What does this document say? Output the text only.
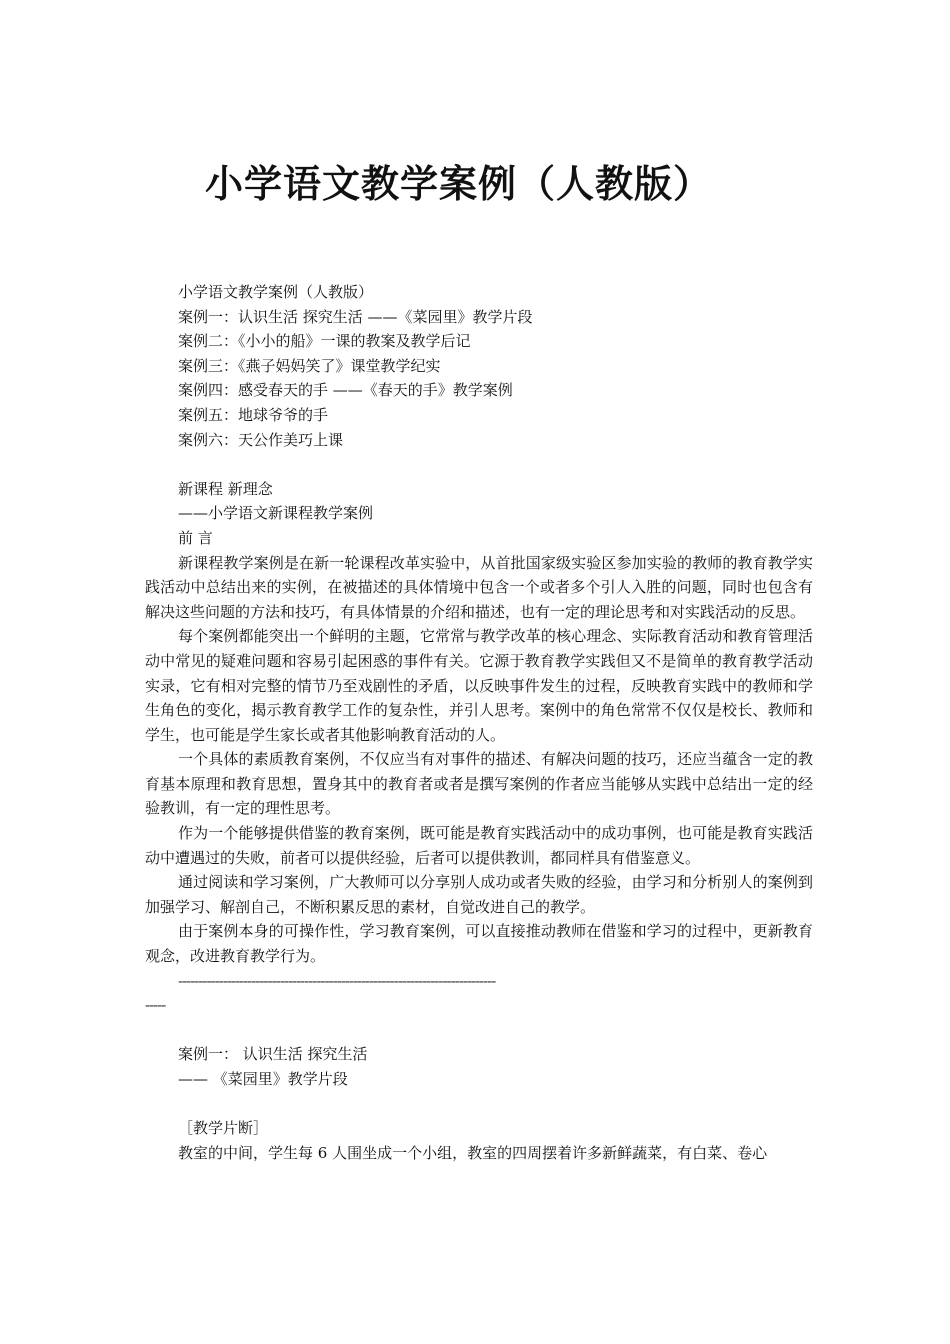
小学语文教学案例（人教版）
小学语文教学案例（人教版）
案例一：认识生活 探究生活 ——《菜园里》教学片段
案例二：《小小的船》一课的教案及教学后记
案例三：《燕子妈妈笑了》课堂教学纪实
案例四：感受春天的手 ——《春天的手》教学案例
案例五：地球爷爷的手
案例六：天公作美巧上课
新课程 新理念
——小学语文新课程教学案例
前 言
新课程教学案例是在新一轮课程改革实验中，从首批国家级实验区参加实验的教师的教育教学实践活动中总结出来的实例，在被描述的具体情境中包含一个或者多个引人入胜的问题，同时也包含有解决这些问题的方法和技巧，有具体情景的介绍和描述，也有一定的理论思考和对实践活动的反思。
每个案例都能突出一个鲜明的主题，它常常与教学改革的核心理念、实际教育活动和教育管理活动中常见的疑难问题和容易引起困惑的事件有关。它源于教育教学实践但又不是简单的教育教学活动实录，它有相对完整的情节乃至戏剧性的矛盾，以反映事件发生的过程，反映教育实践中的教师和学生角色的变化，揭示教育教学工作的复杂性，并引人思考。案例中的角色常常不仅仅是校长、教师和学生，也可能是学生家长或者其他影响教育活动的人。
一个具体的素质教育案例，不仅应当有对事件的描述、有解决问题的技巧，还应当蕴含一定的教育基本原理和教育思想，置身其中的教育者或者是撰写案例的作者应当能够从实践中总结出一定的经验教训，有一定的理性思考。
作为一个能够提供借鉴的教育案例，既可能是教育实践活动中的成功事例，也可能是教育实践活动中遭遇过的失败，前者可以提供经验，后者可以提供教训，都同样具有借鉴意义。
通过阅读和学习案例，广大教师可以分享别人成功或者失败的经验，由学习和分析别人的案例到加强学习、解剖自己，不断积累反思的素材，自觉改进自己的教学。
由于案例本身的可操作性，学习教育案例，可以直接推动教师在借鉴和学习的过程中，更新教育观念，改进教育教学行为。
------------------------------------------------------------------------------
-----
案例一： 认识生活 探究生活
—— 《菜园里》教学片段
［教学片断］
教室的中间，学生每 6 人围坐成一个小组，教室的四周摆着许多新鲜蔬菜，有白菜、卷心
